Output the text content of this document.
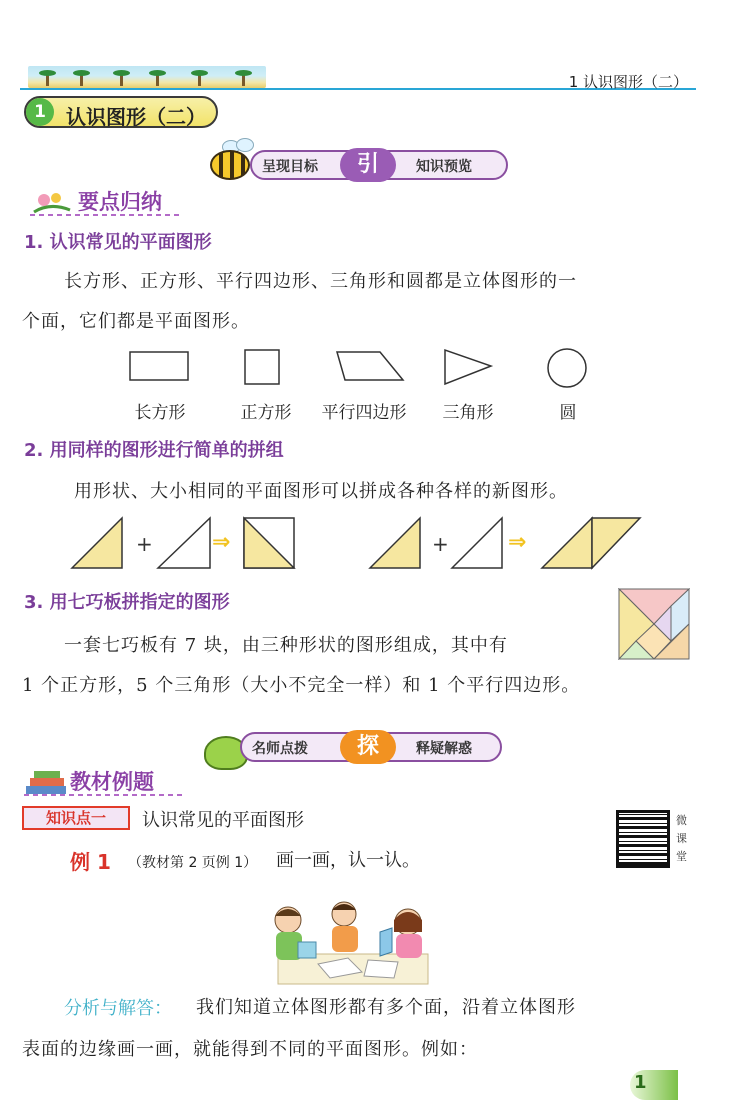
1 认识图形（二）
1	认识图形（二）
呈现目标	引	知识预览
要点归纳
1. 认识常见的平面图形
长方形、正方形、平行四边形、三角形和圆都是立体图形的一
个面，它们都是平面图形。
长方形	正方形	平行四边形	三角形	圆
2. 用同样的图形进行简单的拼组
用形状、大小相同的平面图形可以拼成各种各样的新图形。
+	⇒	+	⇒
3. 用七巧板拼指定的图形
一套七巧板有 7 块，由三种形状的图形组成，其中有
1 个正方形，5 个三角形（大小不完全一样）和 1 个平行四边形。
名师点拨	探	释疑解惑
教材例题
知识点一	认识常见的平面图形	微课堂
例 1 （教材第 2 页例 1） 画一画，认一认。
分析与解答： 我们知道立体图形都有多个面，沿着立体图形
表面的边缘画一画，就能得到不同的平面图形。例如：
1
